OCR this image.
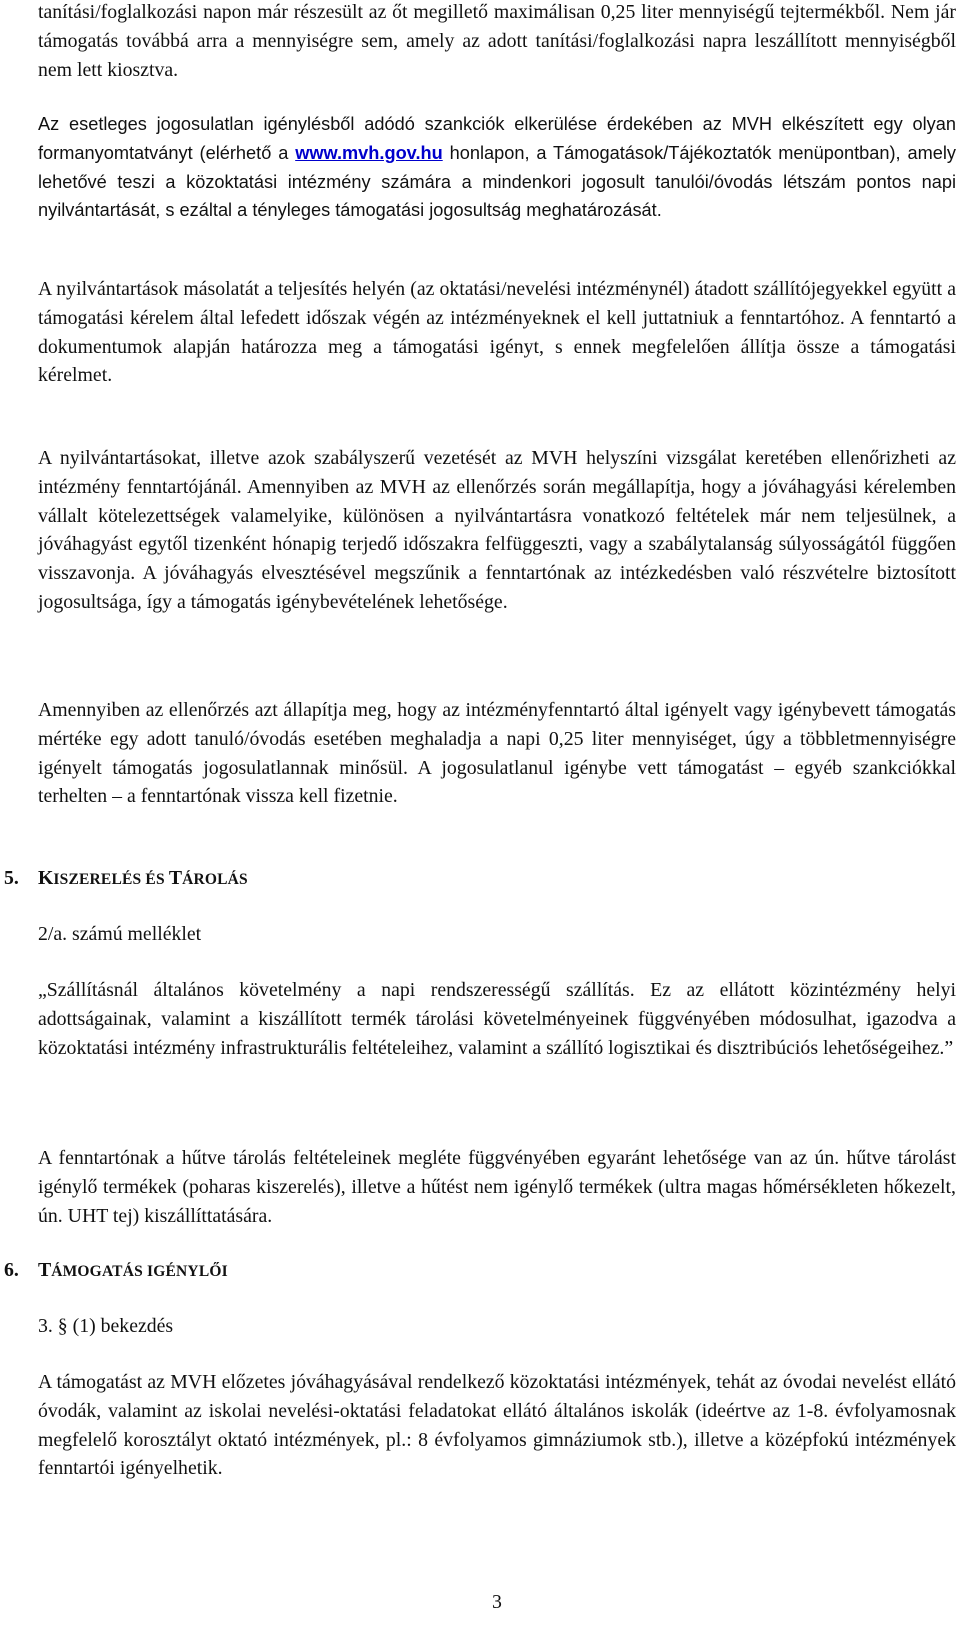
tanítási/foglalkozási napon már részesült az őt megillető maximálisan 0,25 liter mennyiségű tejtermékből. Nem jár támogatás továbbá arra a mennyiségre sem, amely az adott tanítási/foglalkozási napra leszállított mennyiségből nem lett kiosztva.

Az esetleges jogosulatlan igénylésből adódó szankciók elkerülése érdekében az MVH elkészített egy olyan formanyomtatványt (elérhető a www.mvh.gov.hu honlapon, a Támogatások/Tájékoztatók menüpontban), amely lehetővé teszi a közoktatási intézmény számára a mindenkori jogosult tanulói/óvodás létszám pontos napi nyilvántartását, s ezáltal a tényleges támogatási jogosultság meghatározását.

A nyilvántartások másolatát a teljesítés helyén (az oktatási/nevelési intézménynél) átadott szállítójegyekkel együtt a támogatási kérelem által lefedett időszak végén az intézményeknek el kell juttatniuk a fenntartóhoz. A fenntartó a dokumentumok alapján határozza meg a támogatási igényt, s ennek megfelelően állítja össze a támogatási kérelmet.

A nyilvántartásokat, illetve azok szabályszerű vezetését az MVH helyszíni vizsgálat keretében ellenőrizheti az intézmény fenntartójánál. Amennyiben az MVH az ellenőrzés során megállapítja, hogy a jóváhagyási kérelemben vállalt kötelezettségek valamelyike, különösen a nyilvántartásra vonatkozó feltételek már nem teljesülnek, a jóváhagyást egytől tizenként hónapig terjedő időszakra felfüggeszti, vagy a szabálytalanság súlyosságától függően visszavonja. A jóváhagyás elvesztésével megszűnik a fenntartónak az intézkedésben való részvételre biztosított jogosultsága, így a támogatás igénybevételének lehetősége.

Amennyiben az ellenőrzés azt állapítja meg, hogy az intézményfenntartó által igényelt vagy igénybevett támogatás mértéke egy adott tanuló/óvodás esetében meghaladja a napi 0,25 liter mennyiséget, úgy a többletmennyiségre igényelt támogatás jogosulatlannak minősül. A jogosulatlanul igénybe vett támogatást – egyéb szankciókkal terhelten – a fenntartónak vissza kell fizetnie.

5. KISZERELÉS ÉS TÁROLÁS

2/a. számú melléklet

„Szállításnál általános követelmény a napi rendszerességű szállítás. Ez az ellátott közintézmény helyi adottságainak, valamint a kiszállított termék tárolási követelményeinek függvényében módosulhat, igazodva a közoktatási intézmény infrastrukturális feltételeihez, valamint a szállító logisztikai és disztribúciós lehetőségeihez.”

A fenntartónak a hűtve tárolás feltételeinek megléte függvényében egyaránt lehetősége van az ún. hűtve tárolást igénylő termékek (poharas kiszerelés), illetve a hűtést nem igénylő termékek (ultra magas hőmérsékleten hőkezelt, ún. UHT tej) kiszállíttatására.

6. TÁMOGATÁS IGÉNYLŐI

3. § (1) bekezdés

A támogatást az MVH előzetes jóváhagyásával rendelkező közoktatási intézmények, tehát az óvodai nevelést ellátó óvodák, valamint az iskolai nevelési-oktatási feladatokat ellátó általános iskolák (ideértve az 1-8. évfolyamosnak megfelelő korosztályt oktató intézmények, pl.: 8 évfolyamos gimnáziumok stb.), illetve a középfokú intézmények fenntartói igényelhetik.

3
